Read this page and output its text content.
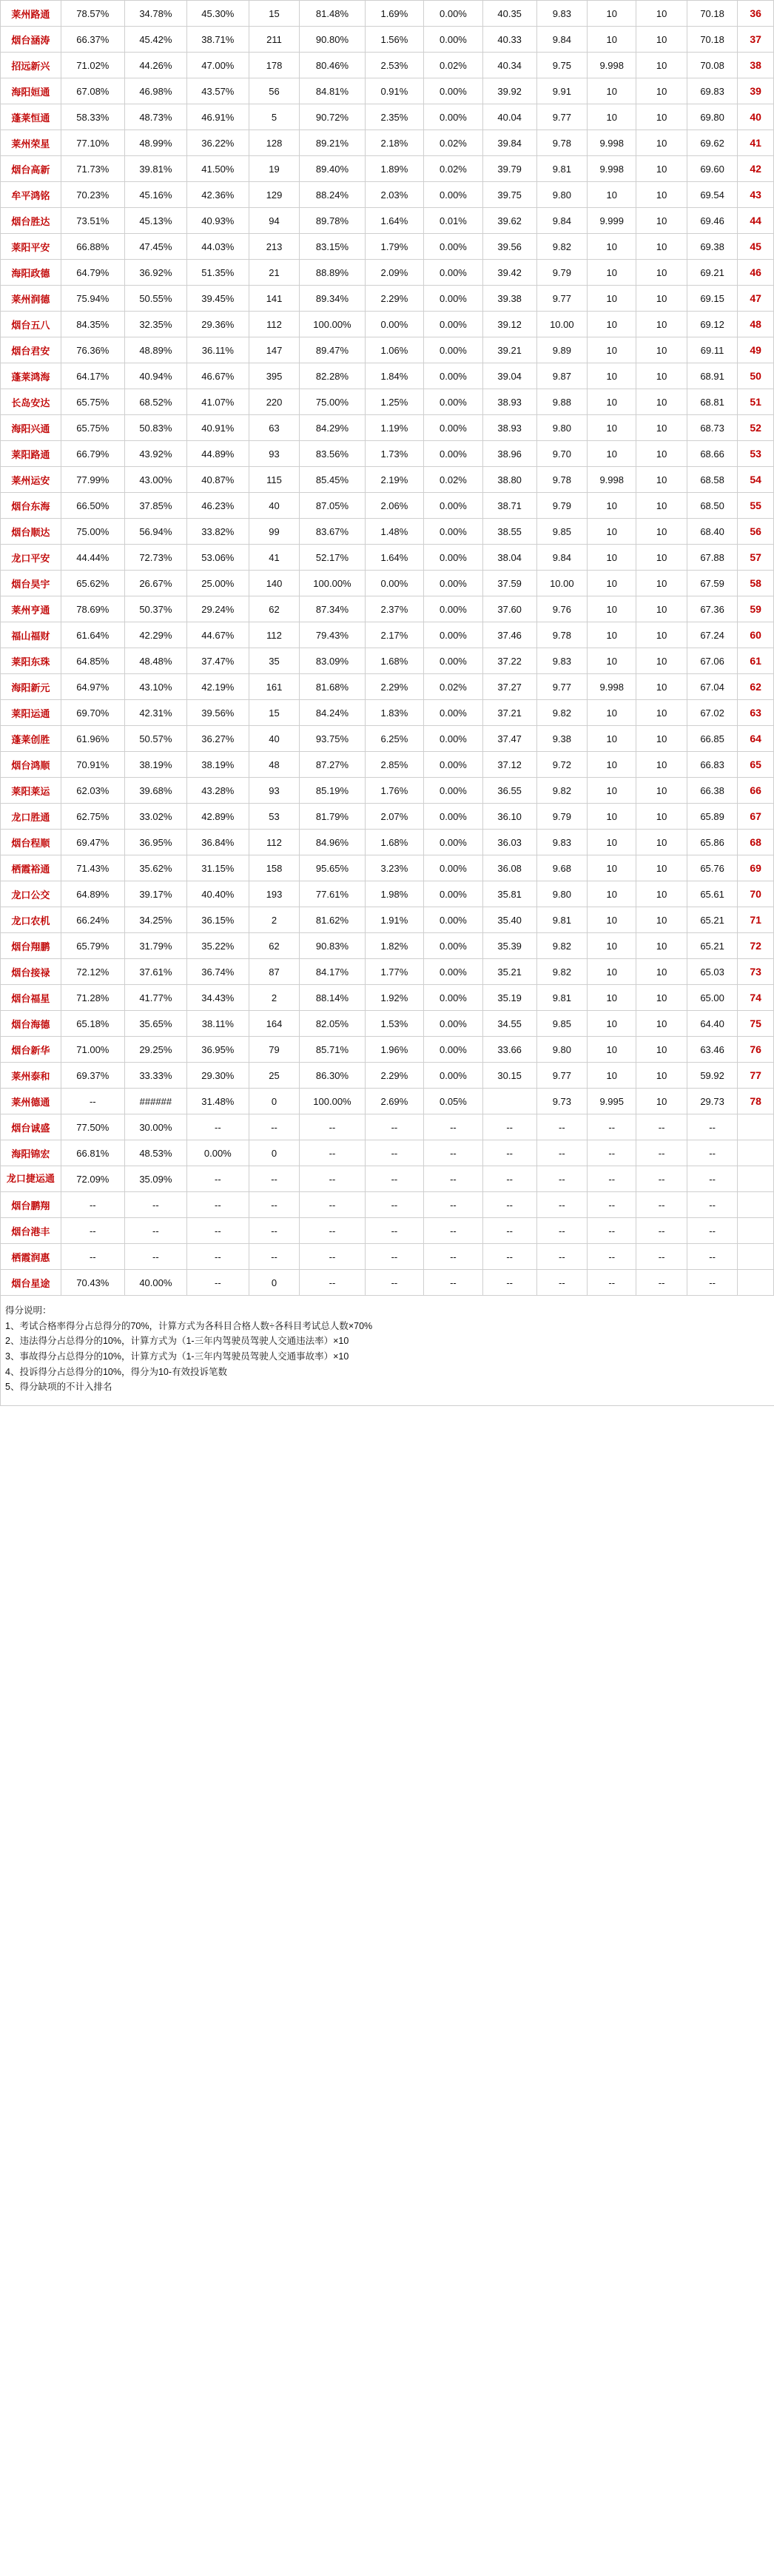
莱州路通	78.57%	34.78%	45.30%	15	81.48%	1.69%	0.00%	40.35	9.83	10	10	70.18	36
烟台涵涛	66.37%	45.42%	38.71%	211	90.80%	1.56%	0.00%	40.33	9.84	10	10	70.18	37
招远新兴	71.02%	44.26%	47.00%	178	80.46%	2.53%	0.02%	40.34	9.75	9.998	10	70.08	38
海阳姮通	67.08%	46.98%	43.57%	56	84.81%	0.91%	0.00%	39.92	9.91	10	10	69.83	39
蓬莱恒通	58.33%	48.73%	46.91%	5	90.72%	2.35%	0.00%	40.04	9.77	10	10	69.80	40
莱州荣星	77.10%	48.99%	36.22%	128	89.21%	2.18%	0.02%	39.84	9.78	9.998	10	69.62	41
烟台高新	71.73%	39.81%	41.50%	19	89.40%	1.89%	0.02%	39.79	9.81	9.998	10	69.60	42
牟平鸿铭	70.23%	45.16%	42.36%	129	88.24%	2.03%	0.00%	39.75	9.80	10	10	69.54	43
烟台胜达	73.51%	45.13%	40.93%	94	89.78%	1.64%	0.01%	39.62	9.84	9.999	10	69.46	44
莱阳平安	66.88%	47.45%	44.03%	213	83.15%	1.79%	0.00%	39.56	9.82	10	10	69.38	45
海阳政德	64.79%	36.92%	51.35%	21	88.89%	2.09%	0.00%	39.42	9.79	10	10	69.21	46
莱州润德	75.94%	50.55%	39.45%	141	89.34%	2.29%	0.00%	39.38	9.77	10	10	69.15	47
烟台五八	84.35%	32.35%	29.36%	112	100.00%	0.00%	0.00%	39.12	10.00	10	10	69.12	48
烟台君安	76.36%	48.89%	36.11%	147	89.47%	1.06%	0.00%	39.21	9.89	10	10	69.11	49
蓬莱鸿海	64.17%	40.94%	46.67%	395	82.28%	1.84%	0.00%	39.04	9.87	10	10	68.91	50
长岛安达	65.75%	68.52%	41.07%	220	75.00%	1.25%	0.00%	38.93	9.88	10	10	68.81	51
海阳兴通	65.75%	50.83%	40.91%	63	84.29%	1.19%	0.00%	38.93	9.80	10	10	68.73	52
莱阳路通	66.79%	43.92%	44.89%	93	83.56%	1.73%	0.00%	38.96	9.70	10	10	68.66	53
莱州运安	77.99%	43.00%	40.87%	115	85.45%	2.19%	0.02%	38.80	9.78	9.998	10	68.58	54
烟台东海	66.50%	37.85%	46.23%	40	87.05%	2.06%	0.00%	38.71	9.79	10	10	68.50	55
烟台顺达	75.00%	56.94%	33.82%	99	83.67%	1.48%	0.00%	38.55	9.85	10	10	68.40	56
龙口平安	44.44%	72.73%	53.06%	41	52.17%	1.64%	0.00%	38.04	9.84	10	10	67.88	57
烟台昊宇	65.62%	26.67%	25.00%	140	100.00%	0.00%	0.00%	37.59	10.00	10	10	67.59	58
莱州亨通	78.69%	50.37%	29.24%	62	87.34%	2.37%	0.00%	37.60	9.76	10	10	67.36	59
福山福财	61.64%	42.29%	44.67%	112	79.43%	2.17%	0.00%	37.46	9.78	10	10	67.24	60
莱阳东珠	64.85%	48.48%	37.47%	35	83.09%	1.68%	0.00%	37.22	9.83	10	10	67.06	61
海阳新元	64.97%	43.10%	42.19%	161	81.68%	2.29%	0.02%	37.27	9.77	9.998	10	67.04	62
莱阳运通	69.70%	42.31%	39.56%	15	84.24%	1.83%	0.00%	37.21	9.82	10	10	67.02	63
蓬莱创胜	61.96%	50.57%	36.27%	40	93.75%	6.25%	0.00%	37.47	9.38	10	10	66.85	64
烟台鸿顺	70.91%	38.19%	38.19%	48	87.27%	2.85%	0.00%	37.12	9.72	10	10	66.83	65
莱阳莱运	62.03%	39.68%	43.28%	93	85.19%	1.76%	0.00%	36.55	9.82	10	10	66.38	66
龙口胜通	62.75%	33.02%	42.89%	53	81.79%	2.07%	0.00%	36.10	9.79	10	10	65.89	67
烟台程顺	69.47%	36.95%	36.84%	112	84.96%	1.68%	0.00%	36.03	9.83	10	10	65.86	68
栖霞裕通	71.43%	35.62%	31.15%	158	95.65%	3.23%	0.00%	36.08	9.68	10	10	65.76	69
龙口公交	64.89%	39.17%	40.40%	193	77.61%	1.98%	0.00%	35.81	9.80	10	10	65.61	70
龙口农机	66.24%	34.25%	36.15%	2	81.62%	1.91%	0.00%	35.40	9.81	10	10	65.21	71
烟台翔鹏	65.79%	31.79%	35.22%	62	90.83%	1.82%	0.00%	35.39	9.82	10	10	65.21	72
烟台接禄	72.12%	37.61%	36.74%	87	84.17%	1.77%	0.00%	35.21	9.82	10	10	65.03	73
烟台福星	71.28%	41.77%	34.43%	2	88.14%	1.92%	0.00%	35.19	9.81	10	10	65.00	74
烟台海德	65.18%	35.65%	38.11%	164	82.05%	1.53%	0.00%	34.55	9.85	10	10	64.40	75
烟台新华	71.00%	29.25%	36.95%	79	85.71%	1.96%	0.00%	33.66	9.80	10	10	63.46	76
莱州泰和	69.37%	33.33%	29.30%	25	86.30%	2.29%	0.00%	30.15	9.77	10	10	59.92	77
莱州德通	--	######	31.48%	0	100.00%	2.69%	0.05%		9.73	9.995	10	29.73	78
烟台诚盛	77.50%	30.00%	--	--	--	--	--	--	--	--	--	--	
海阳锦宏	66.81%	48.53%	0.00%	0	--	--	--	--	--	--	--	--	
龙口捷运通	72.09%	35.09%	--	--	--	--	--	--	--	--	--	--	
烟台鹏翔	--	--	--	--	--	--	--	--	--	--	--	--	
烟台港丰	--	--	--	--	--	--	--	--	--	--	--	--	
栖霞润惠	--	--	--	--	--	--	--	--	--	--	--	--	
烟台星途	70.43%	40.00%	--	0	--	--	--	--	--	--	--	--	
得分说明：
1、考试合格率得分占总得分的70%，计算方式为各科目合格人数÷各科目考试总人数×70%
2、违法得分占总得分的10%，计算方式为（1-三年内驾驶员驾驶人交通违法率）×10
3、事故得分占总得分的10%，计算方式为（1-三年内驾驶员驾驶人交通事故率）×10
4、投诉得分占总得分的10%，得分为10-有效投诉笔数
5、得分缺项的不计入排名
